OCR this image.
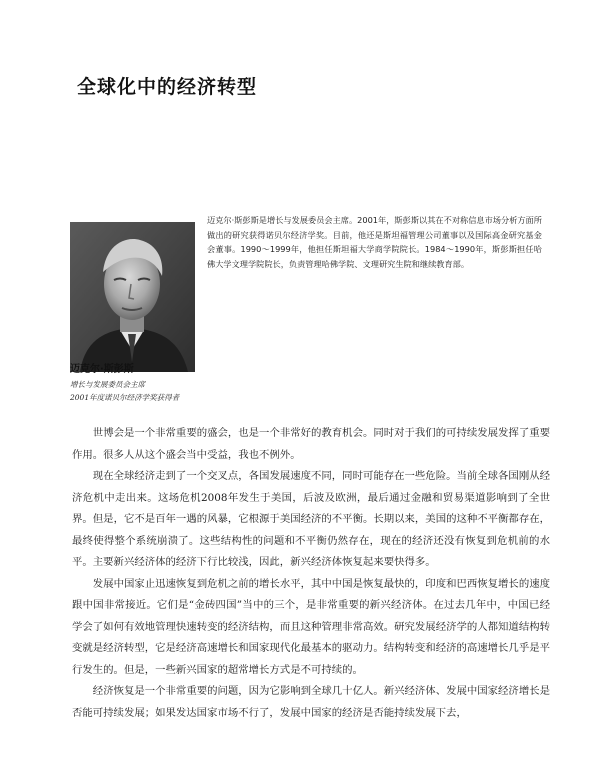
全球化中的经济转型
迈克尔·斯彭斯是增长与发展委员会主席。2001年，斯彭斯以其在不对称信息市场分析方面所做出的研究获得诺贝尔经济学奖。目前，他还是斯坦福管理公司董事以及国际高金研究基金会董事。1990～1999年，他担任斯坦福大学商学院院长。1984～1990年，斯彭斯担任哈佛大学文理学院院长，负责管理哈佛学院、文理研究生院和继续教育部。
迈克尔·斯彭斯
增长与发展委员会主席
2001年度诺贝尔经济学奖获得者

世博会是一个非常重要的盛会，也是一个非常好的教育机会。同时对于我们的可持续发展发挥了重要作用。很多人从这个盛会当中受益，我也不例外。

现在全球经济走到了一个交叉点，各国发展速度不同，同时可能存在一些危险。当前全球各国刚从经济危机中走出来。这场危机2008年发生于美国，后波及欧洲，最后通过金融和贸易渠道影响到了全世界。但是，它不是百年一遇的风暴，它根源于美国经济的不平衡。长期以来，美国的这种不平衡都存在，最终使得整个系统崩溃了。这些结构性的问题和不平衡仍然存在，现在的经济还没有恢复到危机前的水平。主要新兴经济体的经济下行比较浅，因此，新兴经济体恢复起来要快得多。

发展中国家止迅速恢复到危机之前的增长水平，其中中国是恢复最快的，印度和巴西恢复增长的速度跟中国非常接近。它们是“金砖四国”当中的三个，是非常重要的新兴经济体。在过去几年中，中国已经学会了如何有效地管理快速转变的经济结构，而且这种管理非常高效。研究发展经济学的人都知道结构转变就是经济转型，它是经济高速增长和国家现代化最基本的驱动力。结构转变和经济的高速增长几乎是平行发生的。但是，一些新兴国家的超常增长方式是不可持续的。

经济恢复是一个非常重要的问题，因为它影响到全球几十亿人。新兴经济体、发展中国家经济增长是否能可持续发展；如果发达国家市场不行了，发展中国家的经济是否能持续发展下去，
